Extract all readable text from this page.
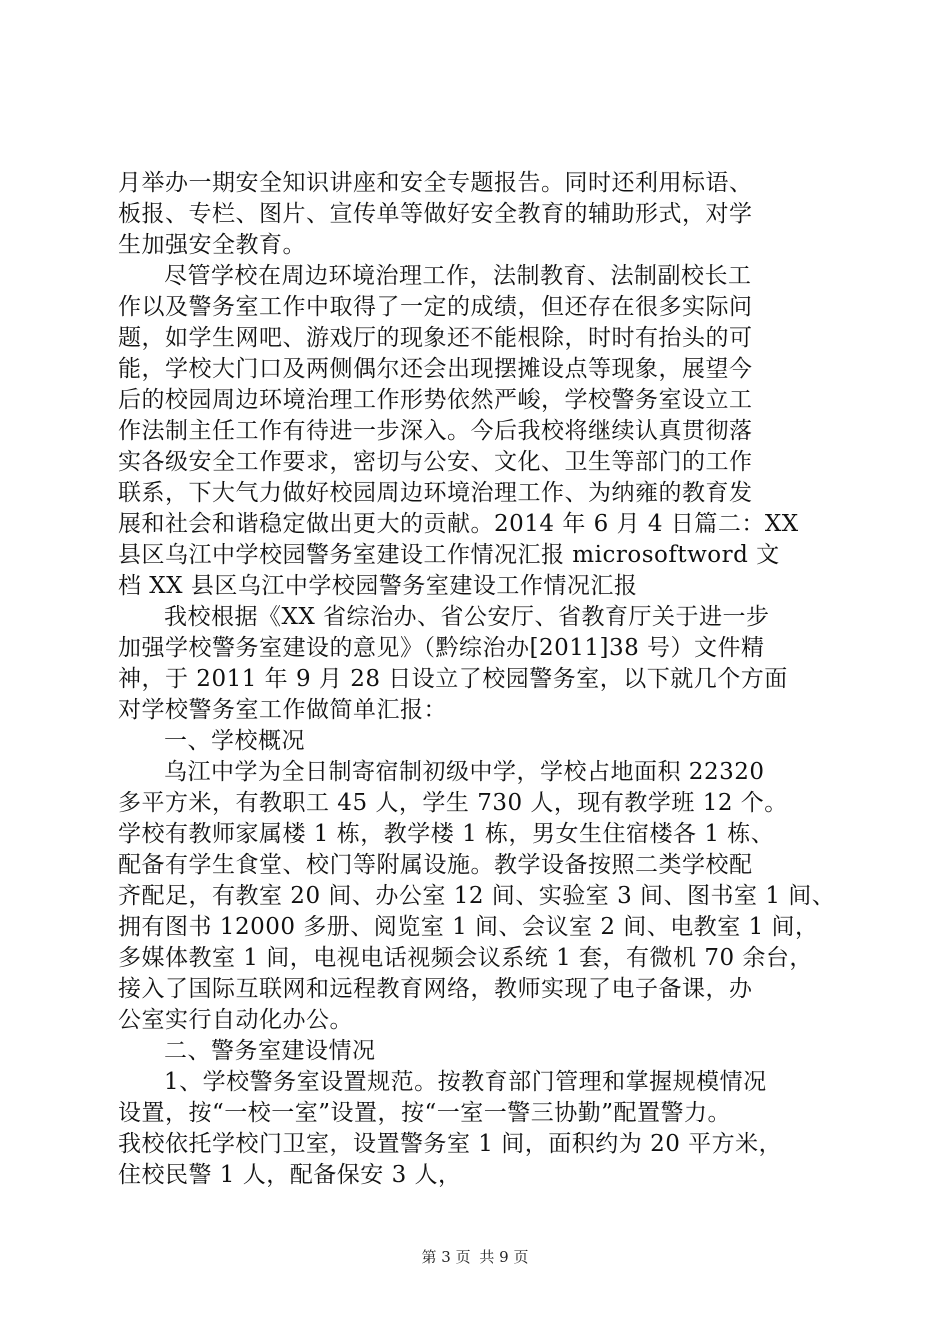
月举办一期安全知识讲座和安全专题报告。同时还利用标语、
板报、专栏、图片、宣传单等做好安全教育的辅助形式，对学
生加强安全教育。
尽管学校在周边环境治理工作，法制教育、法制副校长工
作以及警务室工作中取得了一定的成绩，但还存在很多实际问
题，如学生网吧、游戏厅的现象还不能根除，时时有抬头的可
能，学校大门口及两侧偶尔还会出现摆摊设点等现象，展望今
后的校园周边环境治理工作形势依然严峻，学校警务室设立工
作法制主任工作有待进一步深入。今后我校将继续认真贯彻落
实各级安全工作要求，密切与公安、文化、卫生等部门的工作
联系，下大气力做好校园周边环境治理工作、为纳雍的教育发
展和社会和谐稳定做出更大的贡献。2014 年 6 月 4 日篇二：XX
县区乌江中学校园警务室建设工作情况汇报 microsoftword 文
档 XX 县区乌江中学校园警务室建设工作情况汇报
我校根据《XX 省综治办、省公安厅、省教育厅关于进一步
加强学校警务室建设的意见》（黔综治办[2011]38 号）文件精
神，于 2011 年 9 月 28 日设立了校园警务室，以下就几个方面
对学校警务室工作做简单汇报：
一、学校概况
乌江中学为全日制寄宿制初级中学，学校占地面积 22320
多平方米，有教职工 45 人，学生 730 人，现有教学班 12 个。
学校有教师家属楼 1 栋，教学楼 1 栋，男女生住宿楼各 1 栋、
配备有学生食堂、校门等附属设施。教学设备按照二类学校配
齐配足，有教室 20 间、办公室 12 间、实验室 3 间、图书室 1 间、
拥有图书 12000 多册、阅览室 1 间、会议室 2 间、电教室 1 间，
多媒体教室 1 间，电视电话视频会议系统 1 套，有微机 70 余台，
接入了国际互联网和远程教育网络，教师实现了电子备课，办
公室实行自动化办公。
二、警务室建设情况
1、学校警务室设置规范。按教育部门管理和掌握规模情况
设置，按“一校一室”设置，按“一室一警三协勤”配置警力。
我校依托学校门卫室，设置警务室 1 间，面积约为 20 平方米，
住校民警 1 人，配备保安 3 人，
第 3 页 共 9 页
